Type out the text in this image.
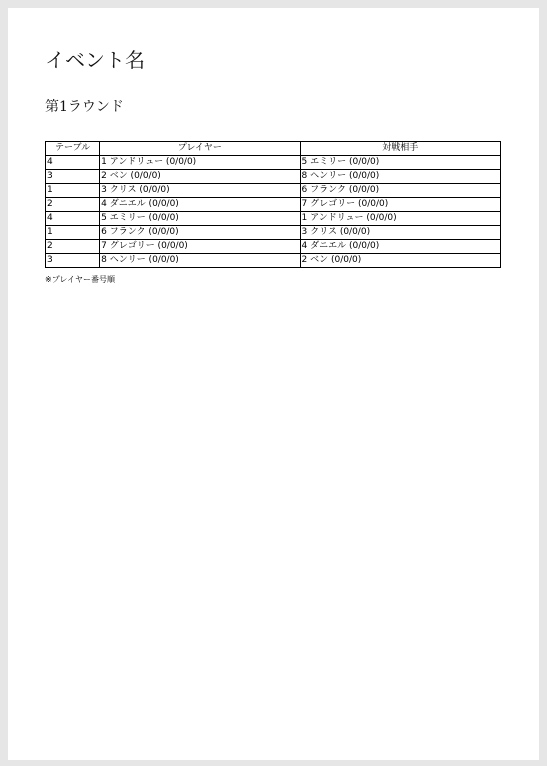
イベント名
第1ラウンド
テーブル	プレイヤー	対戦相手
4	1 アンドリュー (0/0/0)	5 エミリー (0/0/0)
3	2 ベン (0/0/0)	8 ヘンリー (0/0/0)
1	3 クリス (0/0/0)	6 フランク (0/0/0)
2	4 ダニエル (0/0/0)	7 グレゴリー (0/0/0)
4	5 エミリー (0/0/0)	1 アンドリュー (0/0/0)
1	6 フランク (0/0/0)	3 クリス (0/0/0)
2	7 グレゴリー (0/0/0)	4 ダニエル (0/0/0)
3	8 ヘンリー (0/0/0)	2 ベン (0/0/0)

※プレイヤー番号順
